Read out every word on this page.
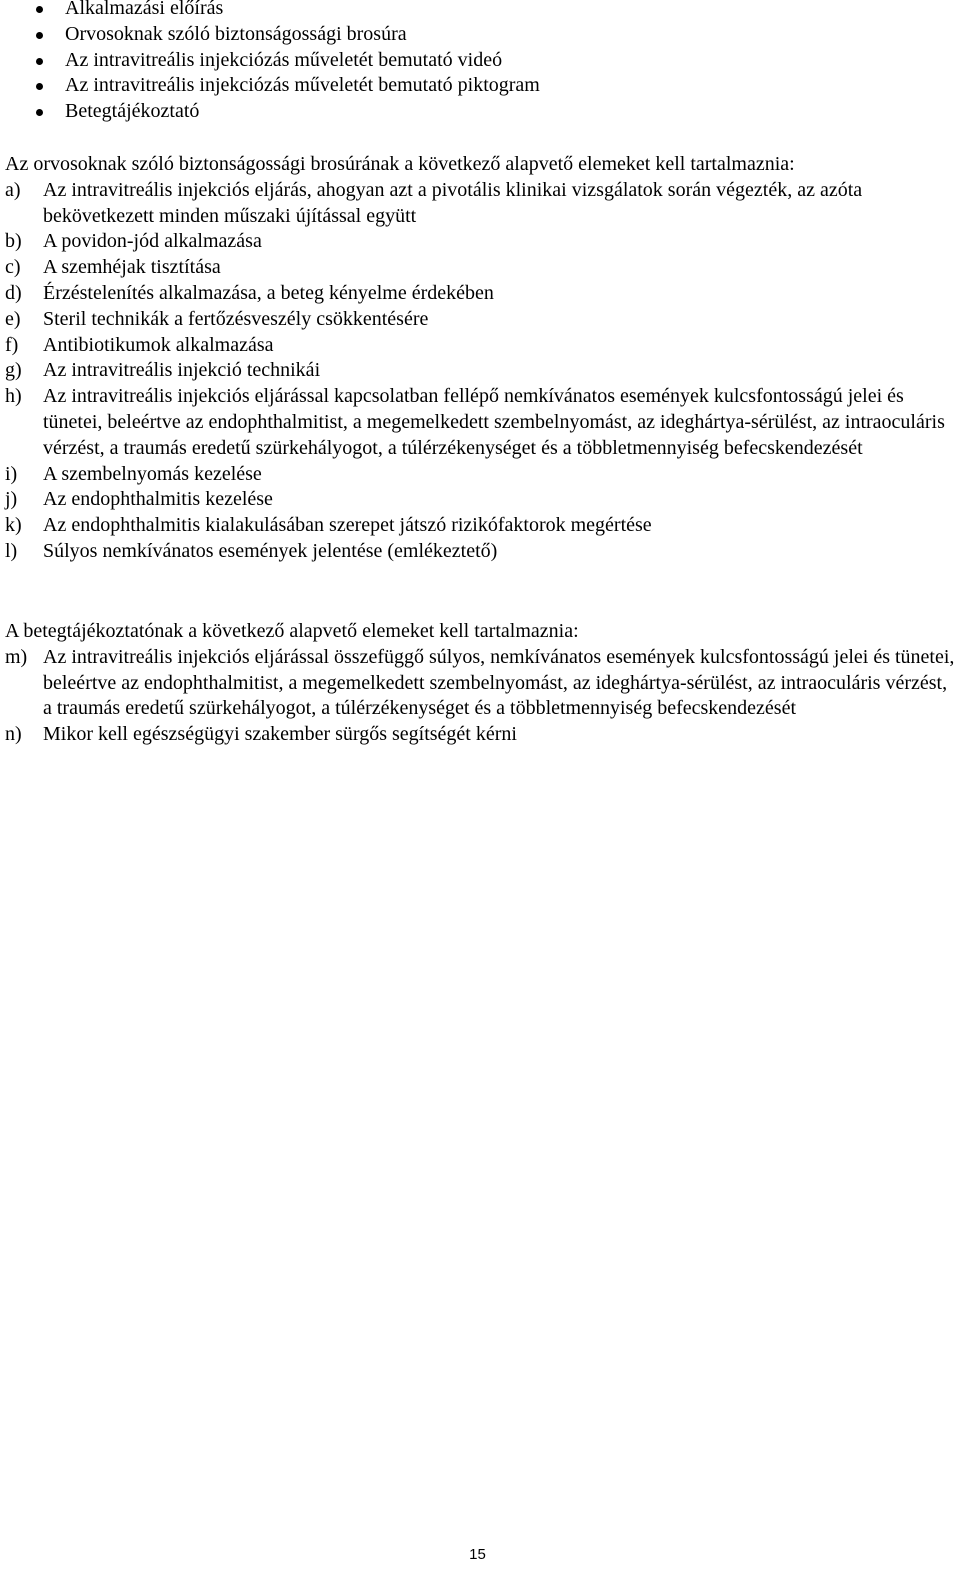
Alkalmazási előírás
Orvosoknak szóló biztonságossági brosúra
Az intravitreális injekciózás műveletét bemutató videó
Az intravitreális injekciózás műveletét bemutató piktogram
Betegtájékoztató
Az orvosoknak szóló biztonságossági brosúrának a következő alapvető elemeket kell tartalmaznia:
a) Az intravitreális injekciós eljárás, ahogyan azt a pivotális klinikai vizsgálatok során végezték, az azóta bekövetkezett minden műszaki újítással együtt
b) A povidon-jód alkalmazása
c) A szemhéjak tisztítása
d) Érzéstelenítés alkalmazása, a beteg kényelme érdekében
e) Steril technikák a fertőzésveszély csökkentésére
f) Antibiotikumok alkalmazása
g) Az intravitreális injekció technikái
h) Az intravitreális injekciós eljárással kapcsolatban fellépő nemkívánatos események kulcsfontosságú jelei és tünetei, beleértve az endophthalmitist, a megemelkedett szembelnyomást, az ideghártya-sérülést, az intraoculáris vérzést, a traumás eredetű szürkehályogot, a túlérzékenységet és a többletmennyiség befecskendezését
i) A szembelnyomás kezelése
j) Az endophthalmitis kezelése
k) Az endophthalmitis kialakulásában szerepet játszó rizikófaktorok megértése
l) Súlyos nemkívánatos események jelentése (emlékeztető)
A betegtájékoztatónak a következő alapvető elemeket kell tartalmaznia:
m) Az intravitreális injekciós eljárással összefüggő súlyos, nemkívánatos események kulcsfontosságú jelei és tünetei, beleértve az endophthalmitist, a megemelkedett szembelnyomást, az ideghártya-sérülést, az intraoculáris vérzést, a traumás eredetű szürkehályogot, a túlérzékenységet és a többletmennyiség befecskendezését
n) Mikor kell egészségügyi szakember sürgős segítségét kérni
15
